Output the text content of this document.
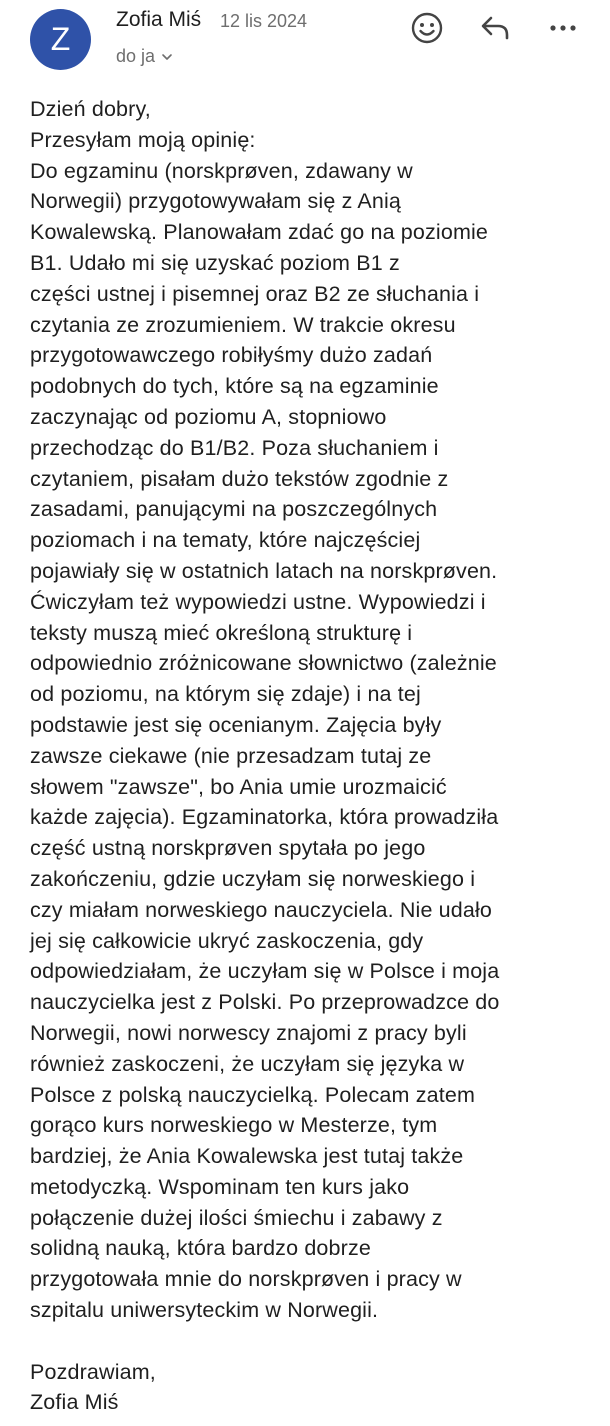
Z
Zofia Miś 12 lis 2024
do ja
Dzień dobry,
Przesyłam moją opinię:
Do egzaminu (norskprøven, zdawany w
Norwegii) przygotowywałam się z Anią
Kowalewską. Planowałam zdać go na poziomie
B1. Udało mi się uzyskać poziom B1 z
części ustnej i pisemnej oraz B2 ze słuchania i
czytania ze zrozumieniem. W trakcie okresu
przygotowawczego robiłyśmy dużo zadań
podobnych do tych, które są na egzaminie
zaczynając od poziomu A, stopniowo
przechodząc do B1/B2. Poza słuchaniem i
czytaniem, pisałam dużo tekstów zgodnie z
zasadami, panującymi na poszczególnych
poziomach i na tematy, które najczęściej
pojawiały się w ostatnich latach na norskprøven.
Ćwiczyłam też wypowiedzi ustne. Wypowiedzi i
teksty muszą mieć określoną strukturę i
odpowiednio zróżnicowane słownictwo (zależnie
od poziomu, na którym się zdaje) i na tej
podstawie jest się ocenianym. Zajęcia były
zawsze ciekawe (nie przesadzam tutaj ze
słowem "zawsze", bo Ania umie urozmaicić
każde zajęcia). Egzaminatorka, która prowadziła
część ustną norskprøven spytała po jego
zakończeniu, gdzie uczyłam się norweskiego i
czy miałam norweskiego nauczyciela. Nie udało
jej się całkowicie ukryć zaskoczenia, gdy
odpowiedziałam, że uczyłam się w Polsce i moja
nauczycielka jest z Polski. Po przeprowadzce do
Norwegii, nowi norwescy znajomi z pracy byli
również zaskoczeni, że uczyłam się języka w
Polsce z polską nauczycielką. Polecam zatem
gorąco kurs norweskiego w Mesterze, tym
bardziej, że Ania Kowalewska jest tutaj także
metodyczką. Wspominam ten kurs jako
połączenie dużej ilości śmiechu i zabawy z
solidną nauką, która bardzo dobrze
przygotowała mnie do norskprøven i pracy w
szpitalu uniwersyteckim w Norwegii.
Pozdrawiam,
Zofia Miś
